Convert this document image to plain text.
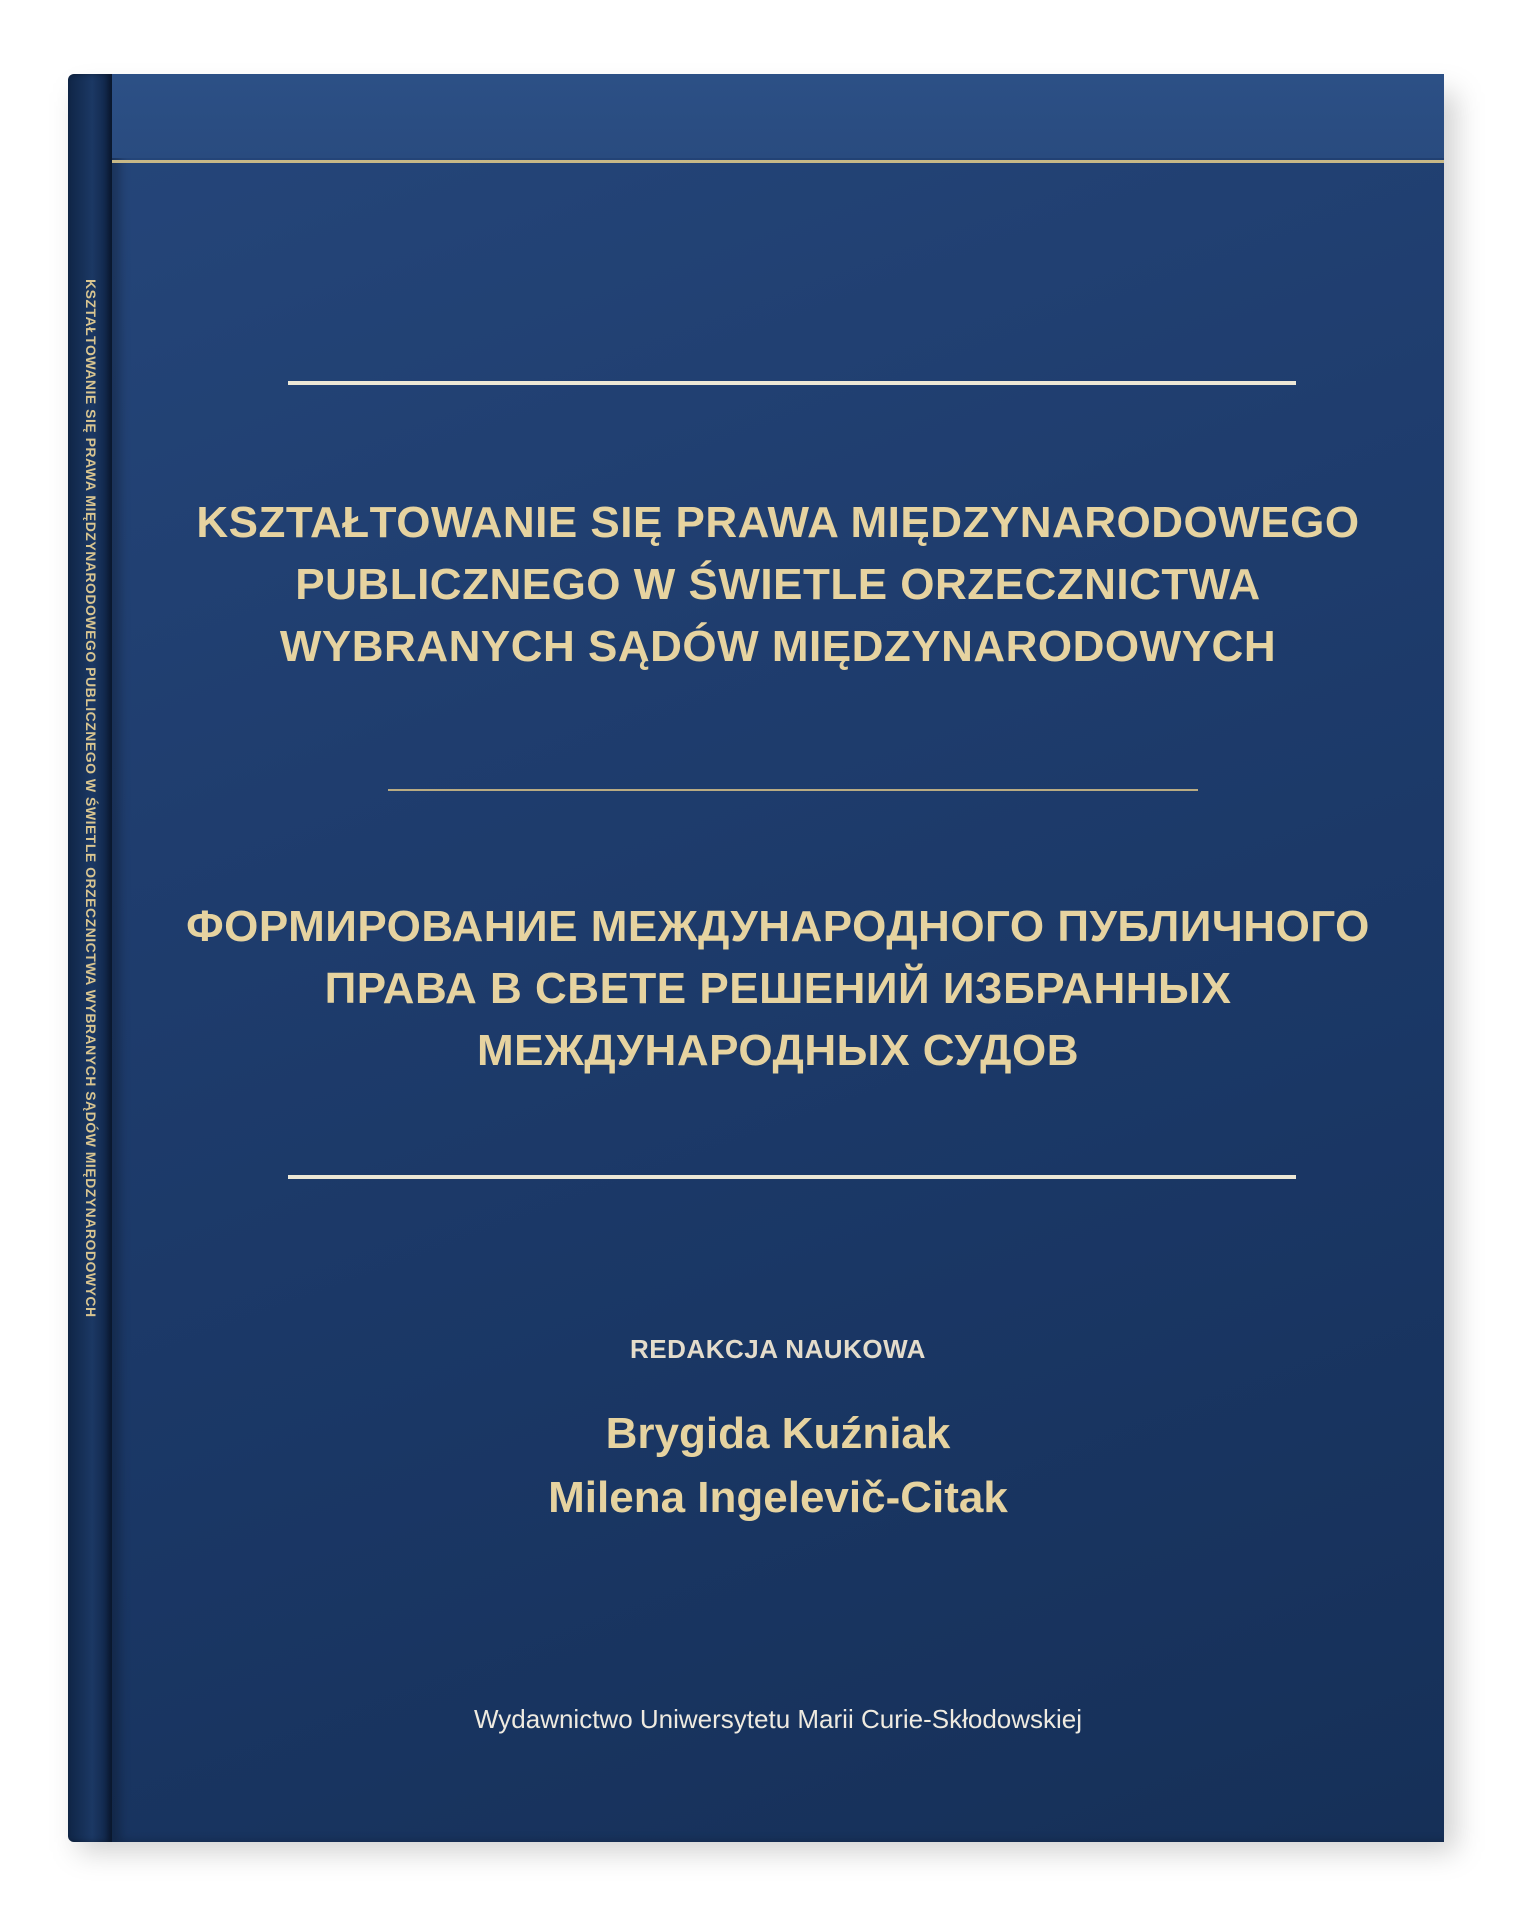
KSZTAŁTOWANIE SIĘ PRAWA MIĘDZYNARODOWEGO PUBLICZNEGO W ŚWIETLE ORZECZNICTWA WYBRANYCH SĄDÓW MIĘDZYNARODOWYCH	KSZTAŁTOWANIE SIĘ PRAWA MIĘDZYNARODOWEGO
PUBLICZNEGO W ŚWIETLE ORZECZNICTWA
WYBRANYCH SĄDÓW MIĘDZYNARODOWYCH
ФОРМИРОВАНИЕ МЕЖДУНАРОДНОГО ПУБЛИЧНОГО
ПРАВА В СВЕТЕ РЕШЕНИЙ ИЗБРАННЫХ
МЕЖДУНАРОДНЫХ СУДОВ
REDAKCJA NAUKOWA
Brygida Kuźniak
Milena Ingelevič-Citak
Wydawnictwo Uniwersytetu Marii Curie-Skłodowskiej
